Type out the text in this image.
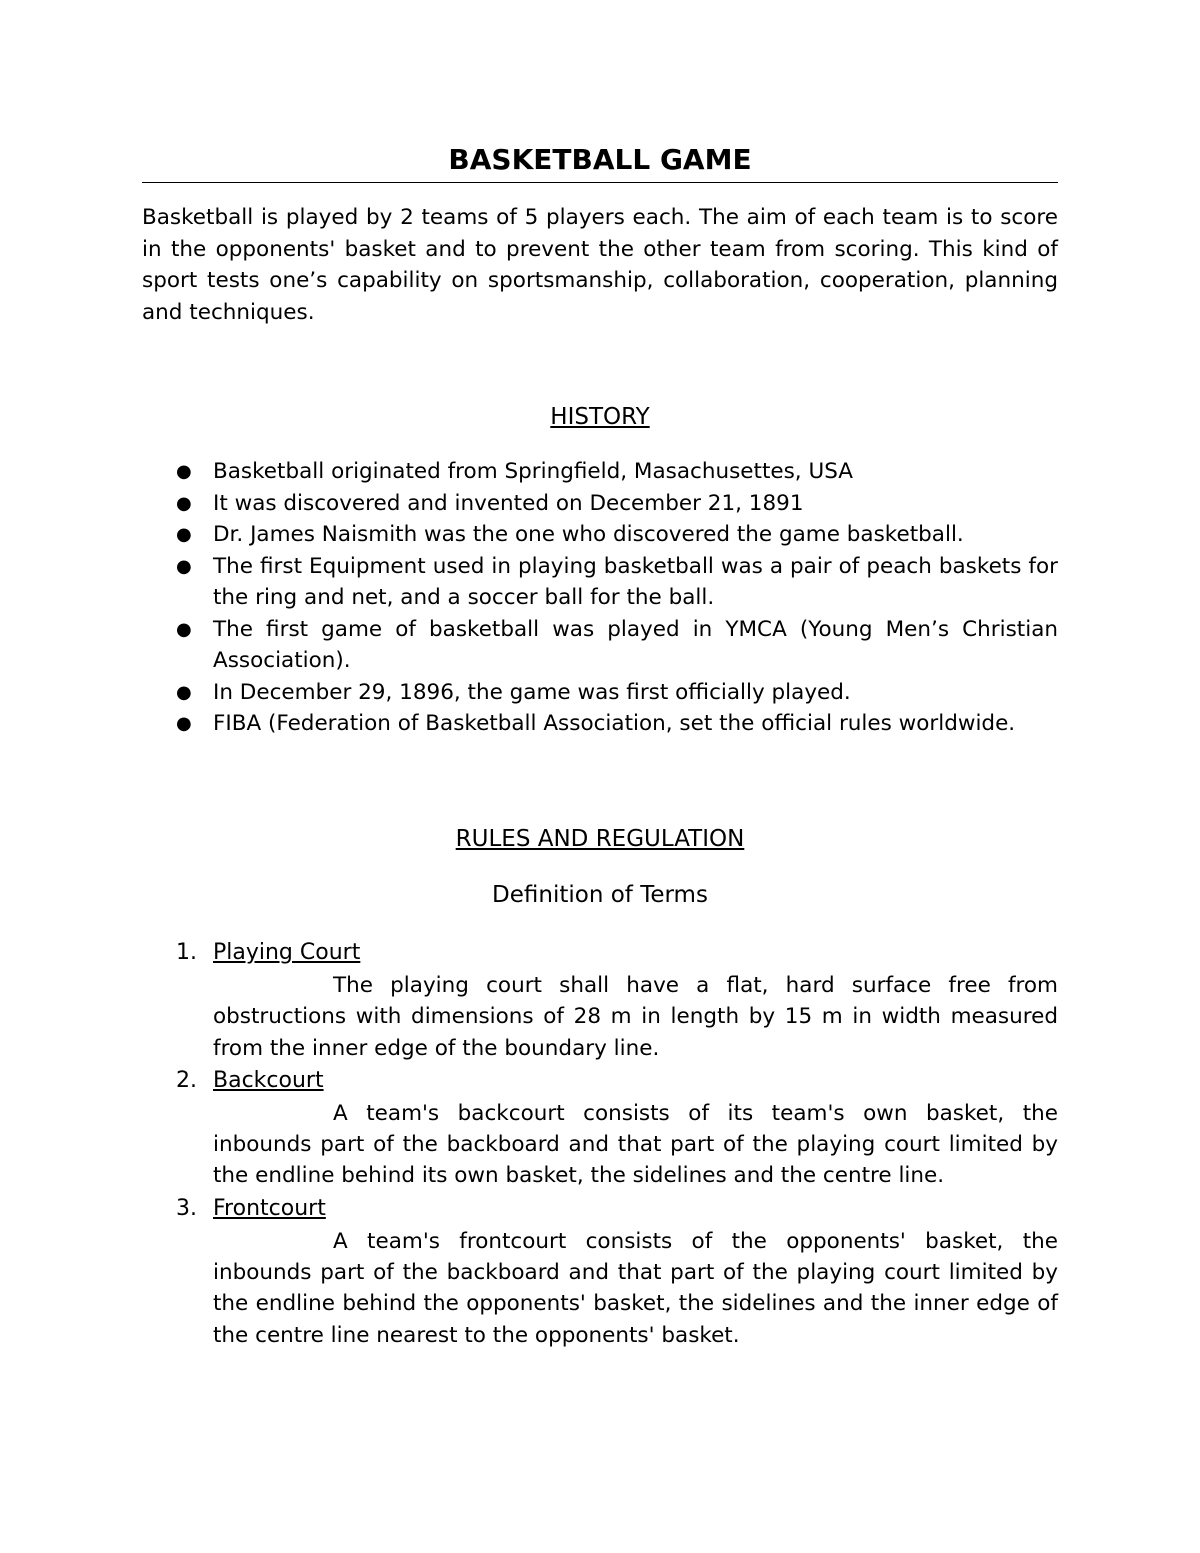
BASKETBALL GAME

Basketball is played by 2 teams of 5 players each. The aim of each team is to score in the opponents' basket and to prevent the other team from scoring. This kind of sport tests one’s capability on sportsmanship, collaboration, cooperation, planning and techniques.

HISTORY
● Basketball originated from Springfield, Masachusettes, USA
● It was discovered and invented on December 21, 1891
● Dr. James Naismith was the one who discovered the game basketball.
● The first Equipment used in playing basketball was a pair of peach baskets for the ring and net, and a soccer ball for the ball.
● The first game of basketball was played in YMCA (Young Men’s Christian Association).
● In December 29, 1896, the game was first officially played.
● FIBA (Federation of Basketball Association, set the official rules worldwide.
RULES AND REGULATION
Definition of Terms
1. Playing Court

The playing court shall have a flat, hard surface free from obstructions with dimensions of 28 m in length by 15 m in width measured from the inner edge of the boundary line.

2. Backcourt

A team's backcourt consists of its team's own basket, the inbounds part of the backboard and that part of the playing court limited by the endline behind its own basket, the sidelines and the centre line.

3. Frontcourt

A team's frontcourt consists of the opponents' basket, the inbounds part of the backboard and that part of the playing court limited by the endline behind the opponents' basket, the sidelines and the inner edge of the centre line nearest to the opponents' basket.
